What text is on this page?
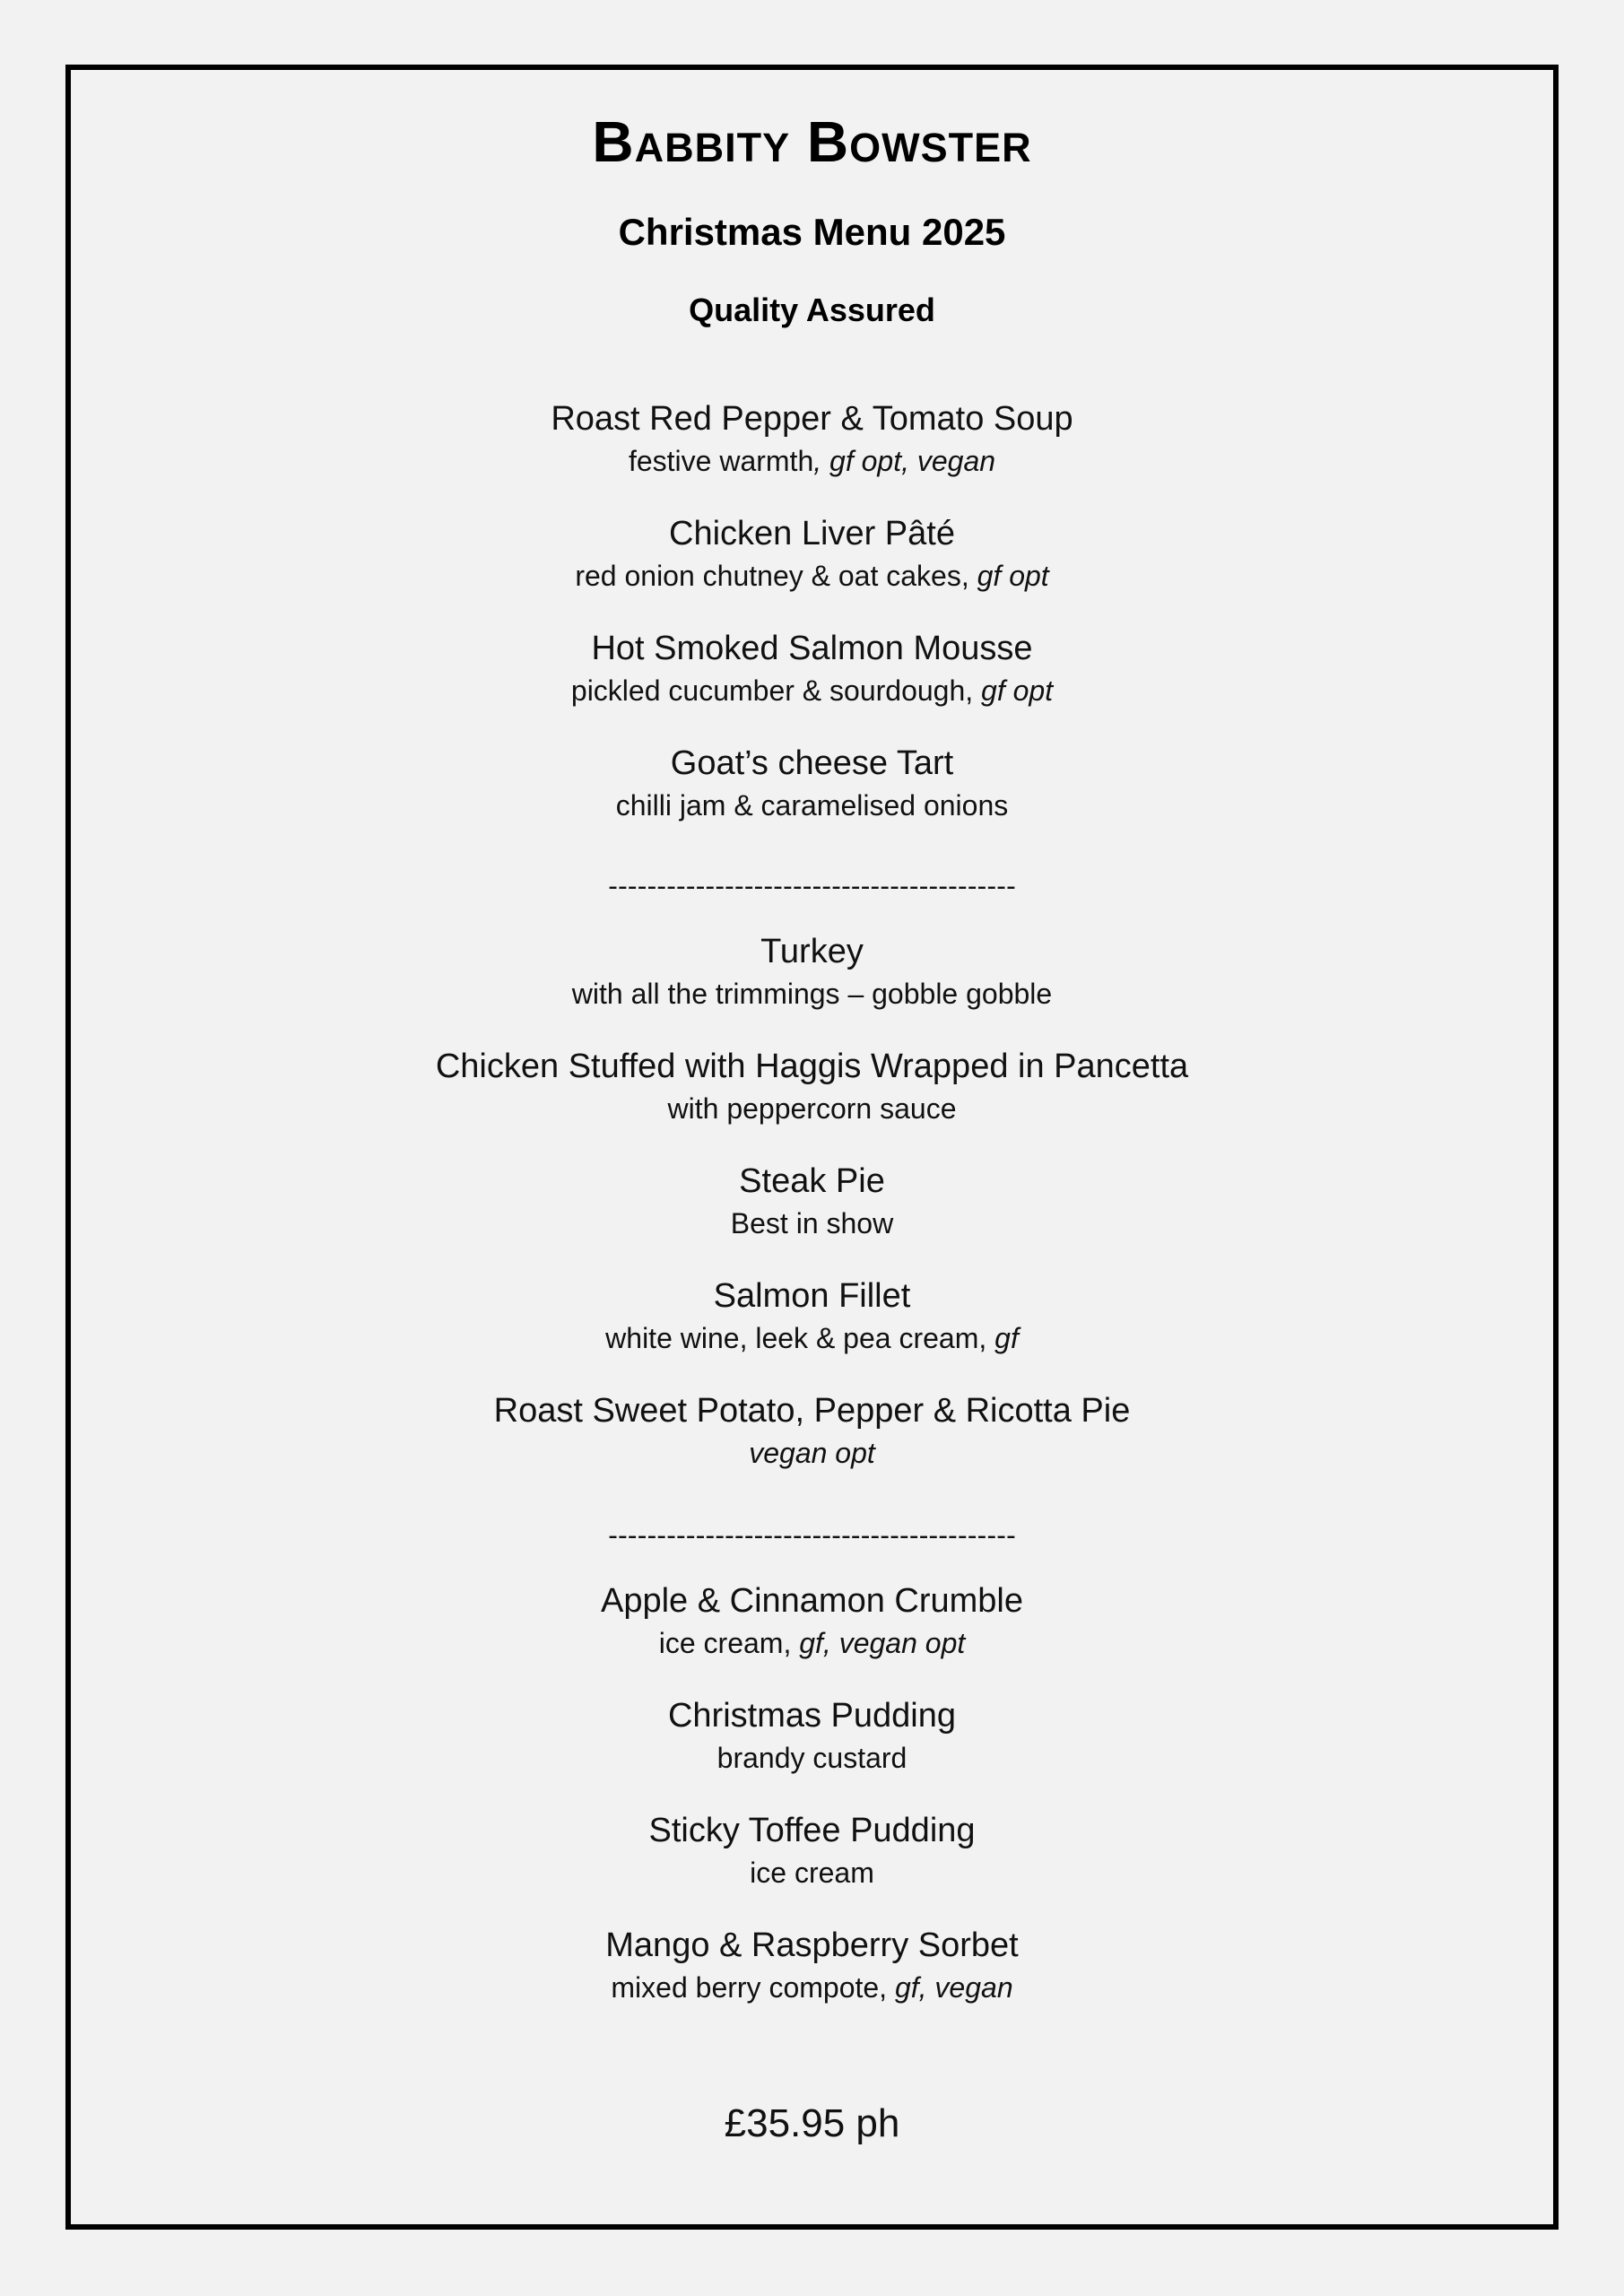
Babbity Bowster
Christmas Menu 2025
Quality Assured
Roast Red Pepper & Tomato Soup
festive warmth, gf opt, vegan
Chicken Liver Pâté
red onion chutney & oat cakes, gf opt
Hot Smoked Salmon Mousse
pickled cucumber & sourdough, gf opt
Goat’s cheese Tart
chilli jam & caramelised onions
------------------------------------------
Turkey
with all the trimmings – gobble gobble
Chicken Stuffed with Haggis Wrapped in Pancetta
with peppercorn sauce
Steak Pie
Best in show
Salmon Fillet
white wine, leek & pea cream, gf
Roast Sweet Potato, Pepper & Ricotta Pie
vegan opt
------------------------------------------
Apple & Cinnamon Crumble
ice cream, gf, vegan opt
Christmas Pudding
brandy custard
Sticky Toffee Pudding
ice cream
Mango & Raspberry Sorbet
mixed berry compote, gf, vegan
£35.95 ph
